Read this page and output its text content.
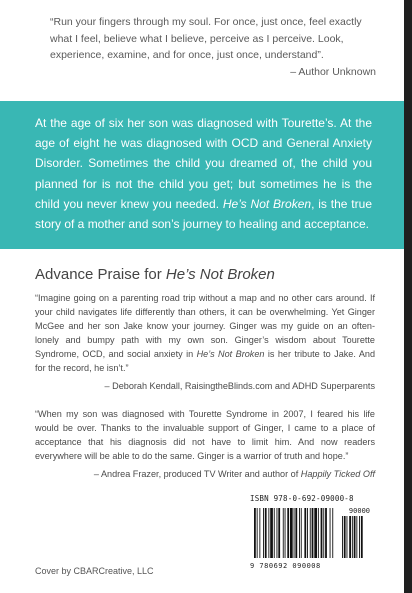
“Run your fingers through my soul. For once, just once, feel exactly what I feel, believe what I believe, perceive as I perceive. Look, experience, examine, and for once, just once, understand”.
– Author Unknown

At the age of six her son was diagnosed with Tourette’s. At the age of eight he was diagnosed with OCD and General Anxiety Disorder. Sometimes the child you dreamed of, the child you planned for is not the child you get; but sometimes he is the child you never knew you needed. He’s Not Broken, is the true story of a mother and son’s journey to healing and acceptance.

Advance Praise for He’s Not Broken

“Imagine going on a parenting road trip without a map and no other cars around. If your child navigates life differently than others, it can be overwhelming. Yet Ginger McGee and her son Jake know your journey. Ginger was my guide on an often-lonely and bumpy path with my own son. Ginger’s wisdom about Tourette Syndrome, OCD, and social anxiety in He’s Not Broken is her tribute to Jake. And for the record, he isn’t.”
– Deborah Kendall, RaisingtheBlinds.com and ADHD Superparents

“When my son was diagnosed with Tourette Syndrome in 2007, I feared his life would be over. Thanks to the invaluable support of Ginger, I came to a place of acceptance that his diagnosis did not have to limit him. And now readers everywhere will be able to do the same. Ginger is a warrior of truth and hope.”
– Andrea Frazer, produced TV Writer and author of Happily Ticked Off

ISBN 978-0-692-09000-8
90000
9 780692 090008
Cover by CBARCreative, LLC
